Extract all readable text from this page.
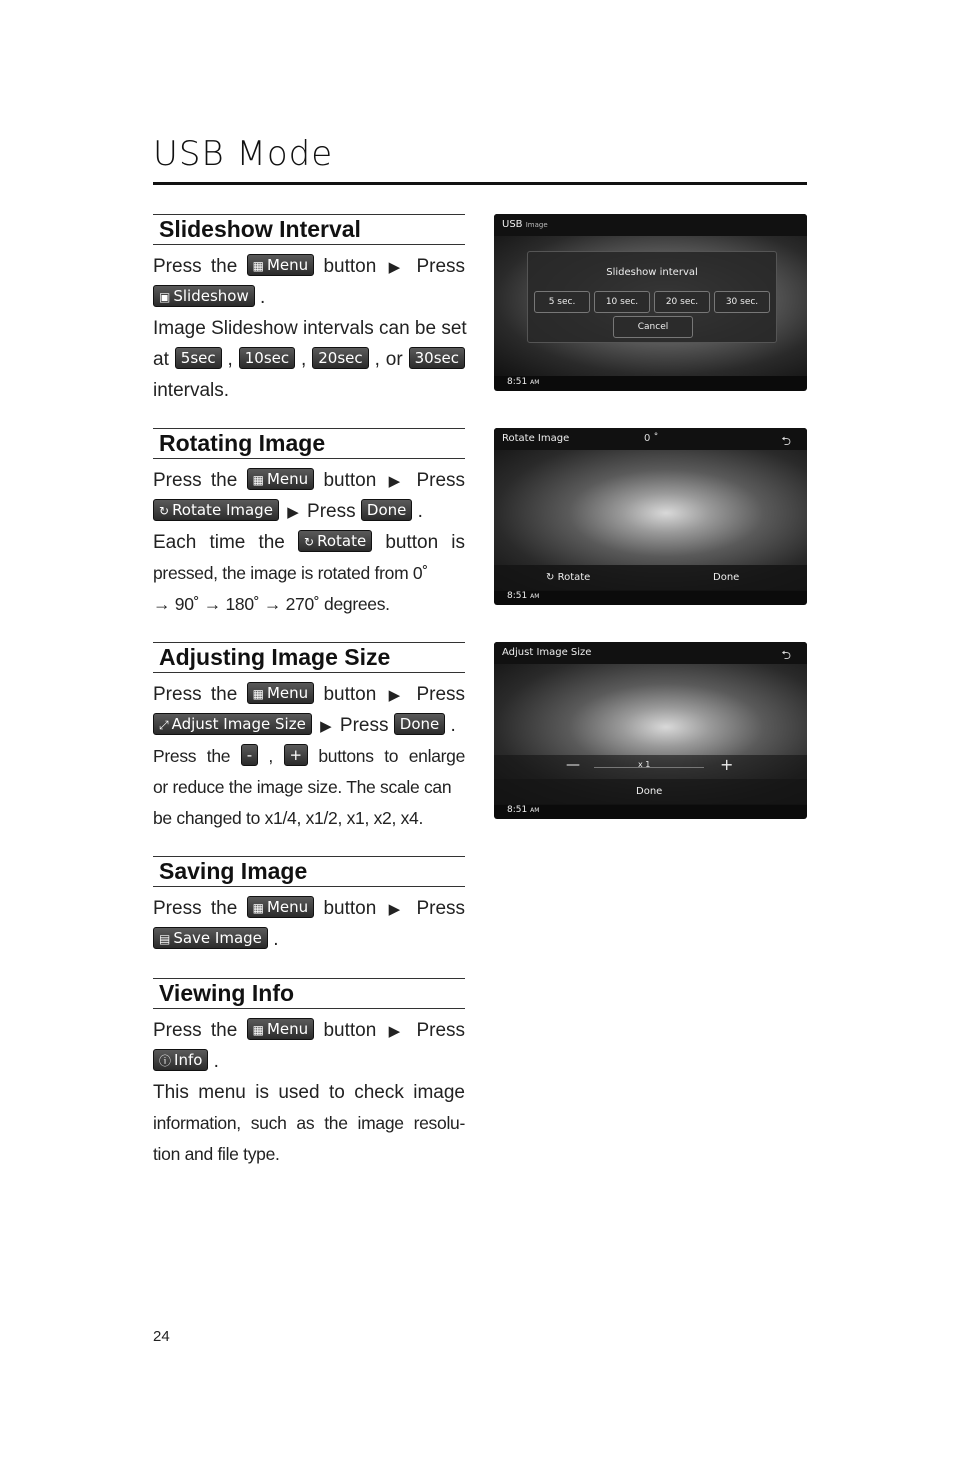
USB Mode
Slideshow Interval
Press the ▦ Menu button ▶ Press
▣ Slideshow .
Image Slideshow intervals can be set
at 5sec , 10sec , 20sec , or 30sec
intervals.
Rotating Image
Press the ▦ Menu button ▶ Press
↻ Rotate Image ▶ Press Done .
Each time the ↻ Rotate button is
pressed, the image is rotated from 0˚
→ 90˚ → 180˚ → 270˚ degrees.
Adjusting Image Size
Press the ▦ Menu button ▶ Press
⤢ Adjust Image Size ▶ Press Done .
Press the - , + buttons to enlarge
or reduce the image size. The scale can
be changed to x1/4, x1/2, x1, x2, x4.
Saving Image
Press the ▦ Menu button ▶ Press
▤ Save Image .
Viewing Info
Press the ▦ Menu button ▶ Press
ⓘ Info .
This menu is used to check image
information, such as the image resolu-
tion and file type.
USB Image
Slideshow interval
5 sec.	10 sec.	20 sec.	30 sec.
Cancel
8:51 AM
Rotate Image	0 ˚	⮌
↻ Rotate	Done
8:51 AM
Adjust Image Size	⮌
—	x 1	+
Done
8:51 AM
24
